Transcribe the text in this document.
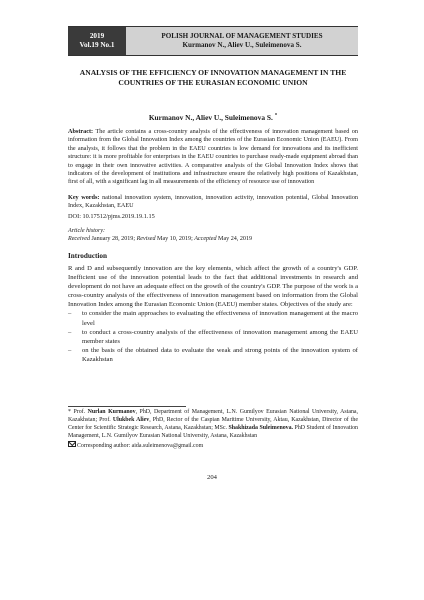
2019
Vol.19 No.1
POLISH JOURNAL OF MANAGEMENT STUDIES
Kurmanov N., Aliev U., Suleimenova S.
ANALYSIS OF THE EFFICIENCY OF INNOVATION MANAGEMENT IN THE COUNTRIES OF THE EURASIAN ECONOMIC UNION
Kurmanov N., Aliev U., Suleimenova S. *
Abstract: The article contains a cross-country analysis of the effectiveness of innovation management based on information from the Global Innovation Index among the countries of the Eurasian Economic Union (EAEU). From the analysis, it follows that the problem in the EAEU countries is low demand for innovations and its inefficient structure: it is more profitable for enterprises in the EAEU countries to purchase ready-made equipment abroad than to engage in their own innovative activities. A comparative analysis of the Global Innovation Index shows that indicators of the development of institutions and infrastructure ensure the relatively high positions of Kazakhstan, first of all, with a significant lag in all measurements of the efficiency of resource use of innovation
Key words: national innovation system, innovation, innovation activity, innovation potential, Global Innovation Index, Kazakhstan, EAEU
DOI: 10.17512/pjms.2019.19.1.15
Article history:
Received January 28, 2019; Revised May 10, 2019; Accepted May 24, 2019
Introduction

R and D and subsequently innovation are the key elements, which affect the growth of a country's GDP. Inefficient use of the innovation potential leads to the fact that additional investments in research and development do not have an adequate effect on the growth of the country's GDP. The purpose of the work is a cross-country analysis of the effectiveness of innovation management based on information from the Global Innovation Index among the Eurasian Economic Union (EAEU) member states. Objectives of the study are:

– to consider the main approaches to evaluating the effectiveness of innovation management at the macro level
– to conduct a cross-country analysis of the effectiveness of innovation management among the EAEU member states
– on the basis of the obtained data to evaluate the weak and strong points of the innovation system of Kazakhstan
* Prof. Nurlan Kurmanov, PhD, Department of Management, L.N. Gumilyov Eurasian National University, Astana, Kazakhstan; Prof. Ulukbek Aliev, PhD, Rector of the Caspian Maritime University, Aktau, Kazakhstan, Director of the Center for Scientific Strategic Research, Astana, Kazakhstan; MSc. Shakhizada Suleimenova. PhD Student of Innovation Management, L.N. Gumilyov Eurasian National University, Astana, Kazakhstan
Corresponding author: aida.suleimenova@gmail.com
204
